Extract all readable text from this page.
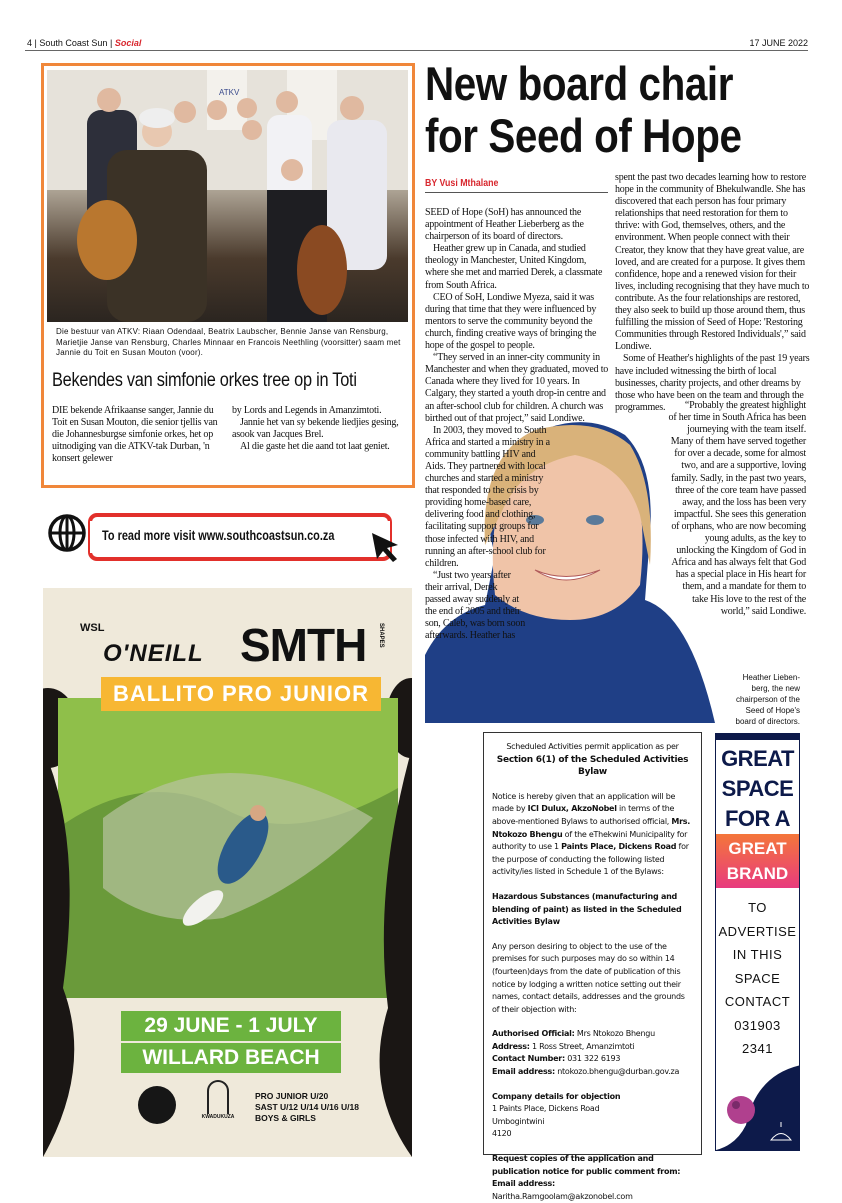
4 | South Coast Sun | Social	17 JUNE 2022
ATKV
Die bestuur van ATKV: Riaan Odendaal, Beatrix Laubscher, Bennie Janse van Rensburg, Marietjie Janse van Rensburg, Charles Minnaar en Francois Neethling (voorsitter) saam met Jannie du Toit en Susan Mouton (voor).
Bekendes van simfonie orkes tree op in Toti

DIE bekende Afrikaanse sanger, Jannie du Toit en Susan Mouton, die senior tjellis van die Johannesburgse simfonie orkes, het op uitnodiging van die ATKV-tak Durban, 'n konsert gelewer

by Lords and Legends in Amanzimtoti.

Jannie het van sy bekende liedjies gesing, asook van Jacques Brel.

Al die gaste het die aand tot laat geniet.

To read more visit www.southcoastsun.co.za
WSL
O'NEILL SMTH SHAPES
BALLITO PRO JUNIOR
29 JUNE - 1 JULY
WILLARD BEACH
KWADUKUZA
PRO JUNIOR U/20
SAST U/12 U/14 U/16 U/18
BOYS & GIRLS
New board chair for Seed of Hope
BY Vusi Mthalane

SEED of Hope (SoH) has announced the appointment of Heather Lieberberg as the chairperson of its board of directors.

Heather grew up in Canada, and studied theology in Manchester, United Kingdom, where she met and married Derek, a classmate from South Africa.

CEO of SoH, Londiwe Myeza, said it was during that time that they were influenced by mentors to serve the community beyond the church, finding creative ways of bringing the hope of the gospel to people.

“They served in an inner-city community in Manchester and when they graduated, moved to Canada where they lived for 10 years. In Calgary, they started a youth drop-in centre and an after-school club for children. A church was birthed out of that project,” said Londiwe.

In 2003, they moved to South Africa and started a ministry in a community battling HIV and Aids. They partnered with local churches and started a ministry that responded to the crisis by providing home-based care, delivering food and clothing, facilitating support groups for those infected with HIV, and running an after-school club for children.

“Just two years after their arrival, Derek passed away suddenly at the end of 2005 and their son, Caleb, was born soon afterwards. Heather has

spent the past two decades learning how to restore hope in the community of Bhekulwandle. She has discovered that each person has four primary relationships that need restoration for them to thrive: with God, themselves, others, and the environment. When people connect with their Creator, they know that they have great value, are loved, and are created for a purpose. It gives them confidence, hope and a renewed vision for their lives, including recognising that they have much to contribute. As the four relationships are restored, they also seek to build up those around them, thus fulfilling the mission of Seed of Hope: 'Restoring Communities through Restored Individuals',” said Londiwe.

Some of Heather's highlights of the past 19 years have included witnessing the birth of local businesses, charity projects, and other dreams by those who have been on the team and through the programmes.	“Probably the greatest highlight of her time in South Africa has been journeying with the team itself. Many of them have served together for over a decade, some for almost two, and are a supportive, loving family. Sadly, in the past two years, three of the core team have passed away, and the loss has been very impactful. She sees this generation of orphans, who are now becoming young adults, as the key to unlocking the Kingdom of God in Africa and has always felt that God has a special place in His heart for them, and a mandate for them to take His love to the rest of the world,” said Londiwe.

Heather Lieben-berg, the new chairperson of the Seed of Hope's board of directors.
Scheduled Activities permit application as per
Section 6(1) of the Scheduled Activities Bylaw
Notice is hereby given that an application will be made by ICI Dulux, AkzoNobel in terms of the above-mentioned Bylaws to authorised official, Mrs. Ntokozo Bhengu of the eThekwini Municipality for authority to use 1 Paints Place, Dickens Road for the purpose of conducting the following listed activity/ies listed in Schedule 1 of the Bylaws:
Hazardous Substances (manufacturing and blending of paint) as listed in the Scheduled Activities Bylaw
Any person desiring to object to the use of the premises for such purposes may do so within 14 (fourteen)days from the date of publication of this notice by lodging a written notice setting out their names, contact details, addresses and the grounds of their objection with:
Authorised Official: Mrs Ntokozo Bhengu
Address: 1 Ross Street, Amanzimtoti
Contact Number: 031 322 6193
Email address: ntokozo.bhengu@durban.gov.za
Company details for objection
1 Paints Place, Dickens Road
Umbogintwini
4120
Request copies of the application and publication notice for public comment from:
Email address: Naritha.Ramgoolam@akzonobel.com
GREAT
SPACE
FOR A
GREAT
BRAND
TO
ADVERTISE
IN THIS
SPACE
CONTACT
031903
2341
